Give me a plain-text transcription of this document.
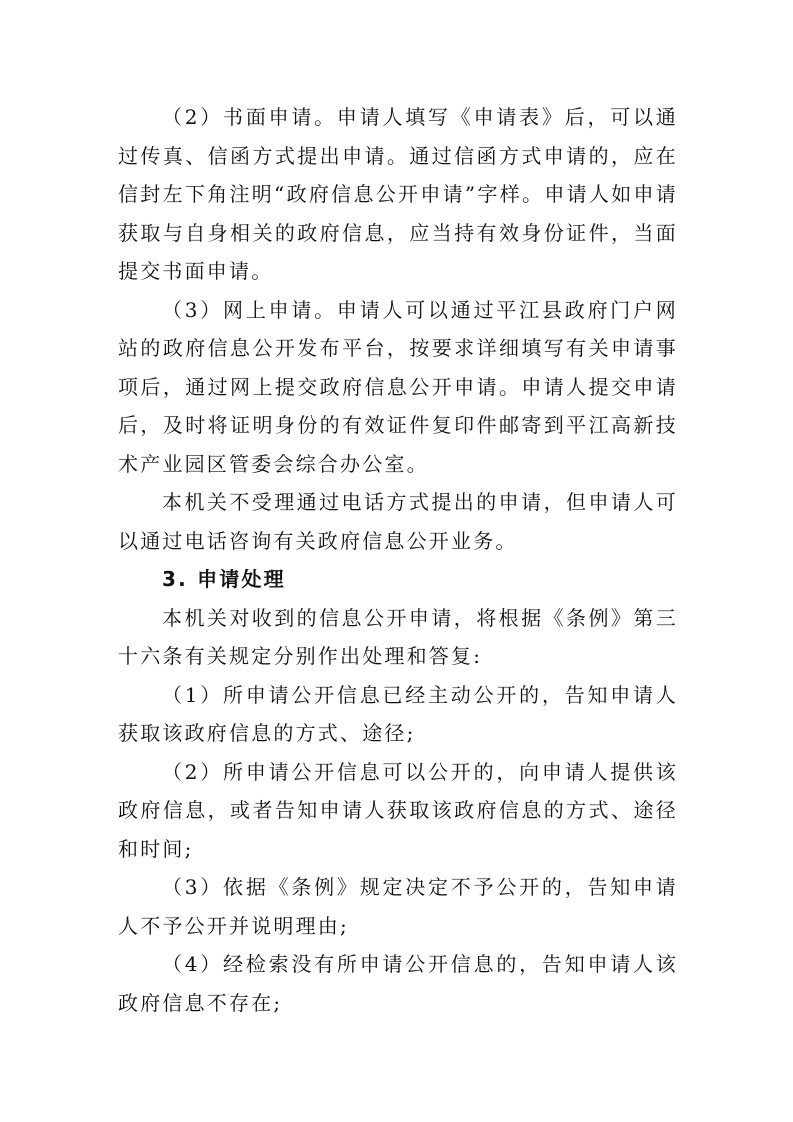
（2）书面申请。申请人填写《申请表》后，可以通过传真、信函方式提出申请。通过信函方式申请的，应在信封左下角注明“政府信息公开申请”字样。申请人如申请获取与自身相关的政府信息，应当持有效身份证件，当面提交书面申请。

（3）网上申请。申请人可以通过平江县政府门户网站的政府信息公开发布平台，按要求详细填写有关申请事项后，通过网上提交政府信息公开申请。申请人提交申请后，及时将证明身份的有效证件复印件邮寄到平江高新技术产业园区管委会综合办公室。

本机关不受理通过电话方式提出的申请，但申请人可以通过电话咨询有关政府信息公开业务。

3. 申请处理

本机关对收到的信息公开申请，将根据《条例》第三十六条有关规定分别作出处理和答复:

（1）所申请公开信息已经主动公开的，告知申请人获取该政府信息的方式、途径;

（2）所申请公开信息可以公开的，向申请人提供该政府信息，或者告知申请人获取该政府信息的方式、途径和时间;

（3）依据《条例》规定决定不予公开的，告知申请人不予公开并说明理由;

（4）经检索没有所申请公开信息的，告知申请人该政府信息不存在;
